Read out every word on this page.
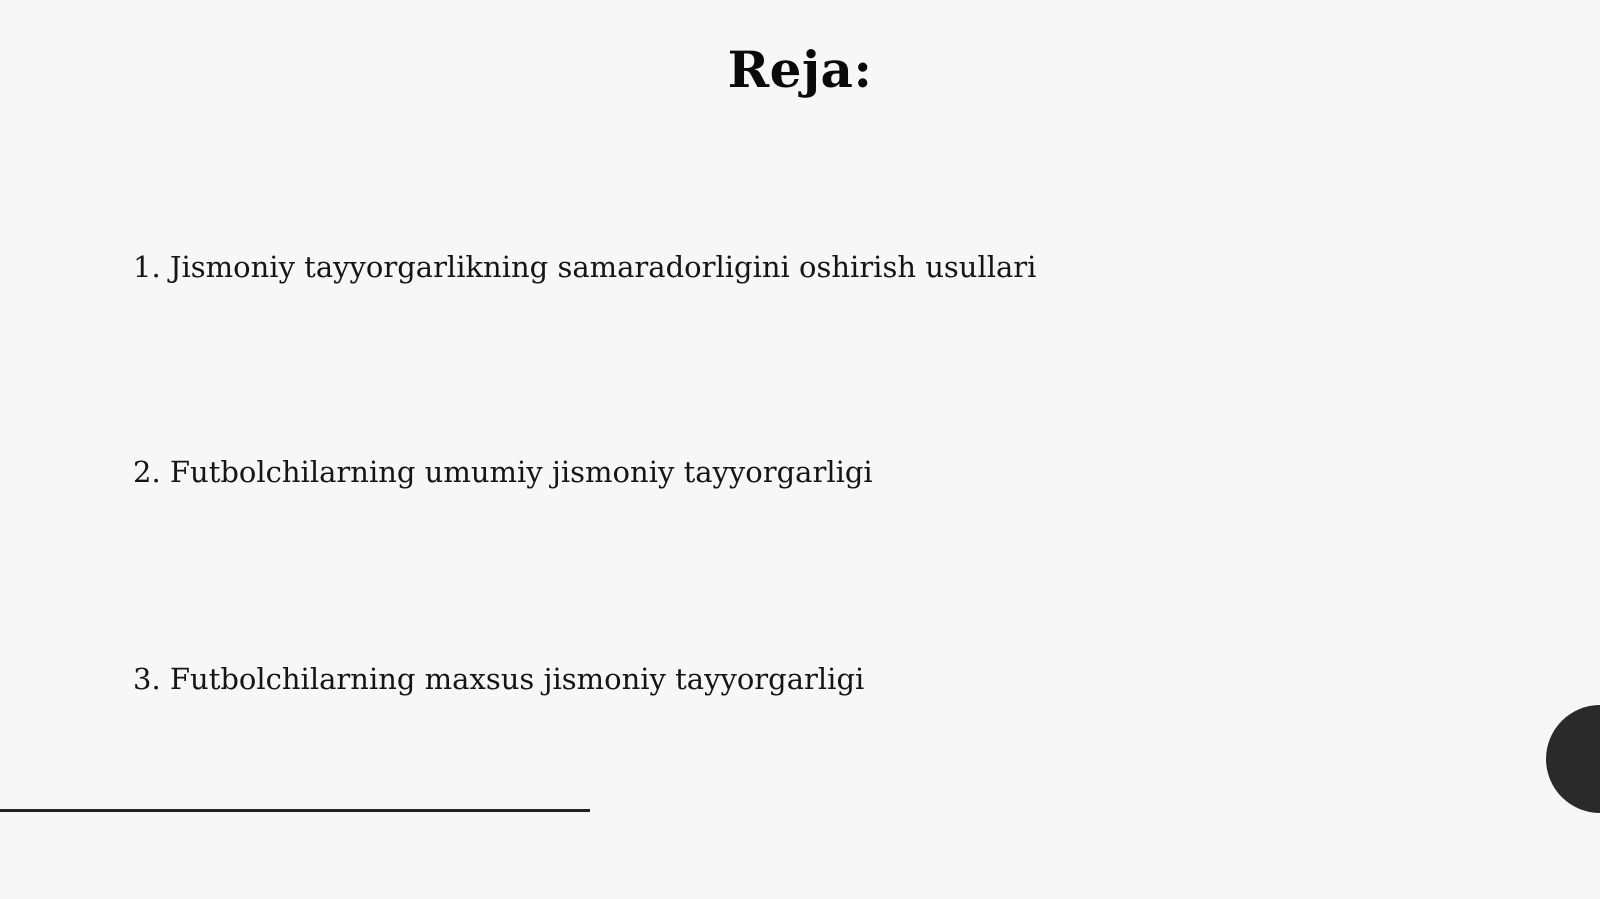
Reja:
1. Jismoniy tayyorgarlikning samaradorligini oshirish usullari
2. Futbolchilarning umumiy jismoniy tayyorgarligi
3. Futbolchilarning maxsus jismoniy tayyorgarligi
